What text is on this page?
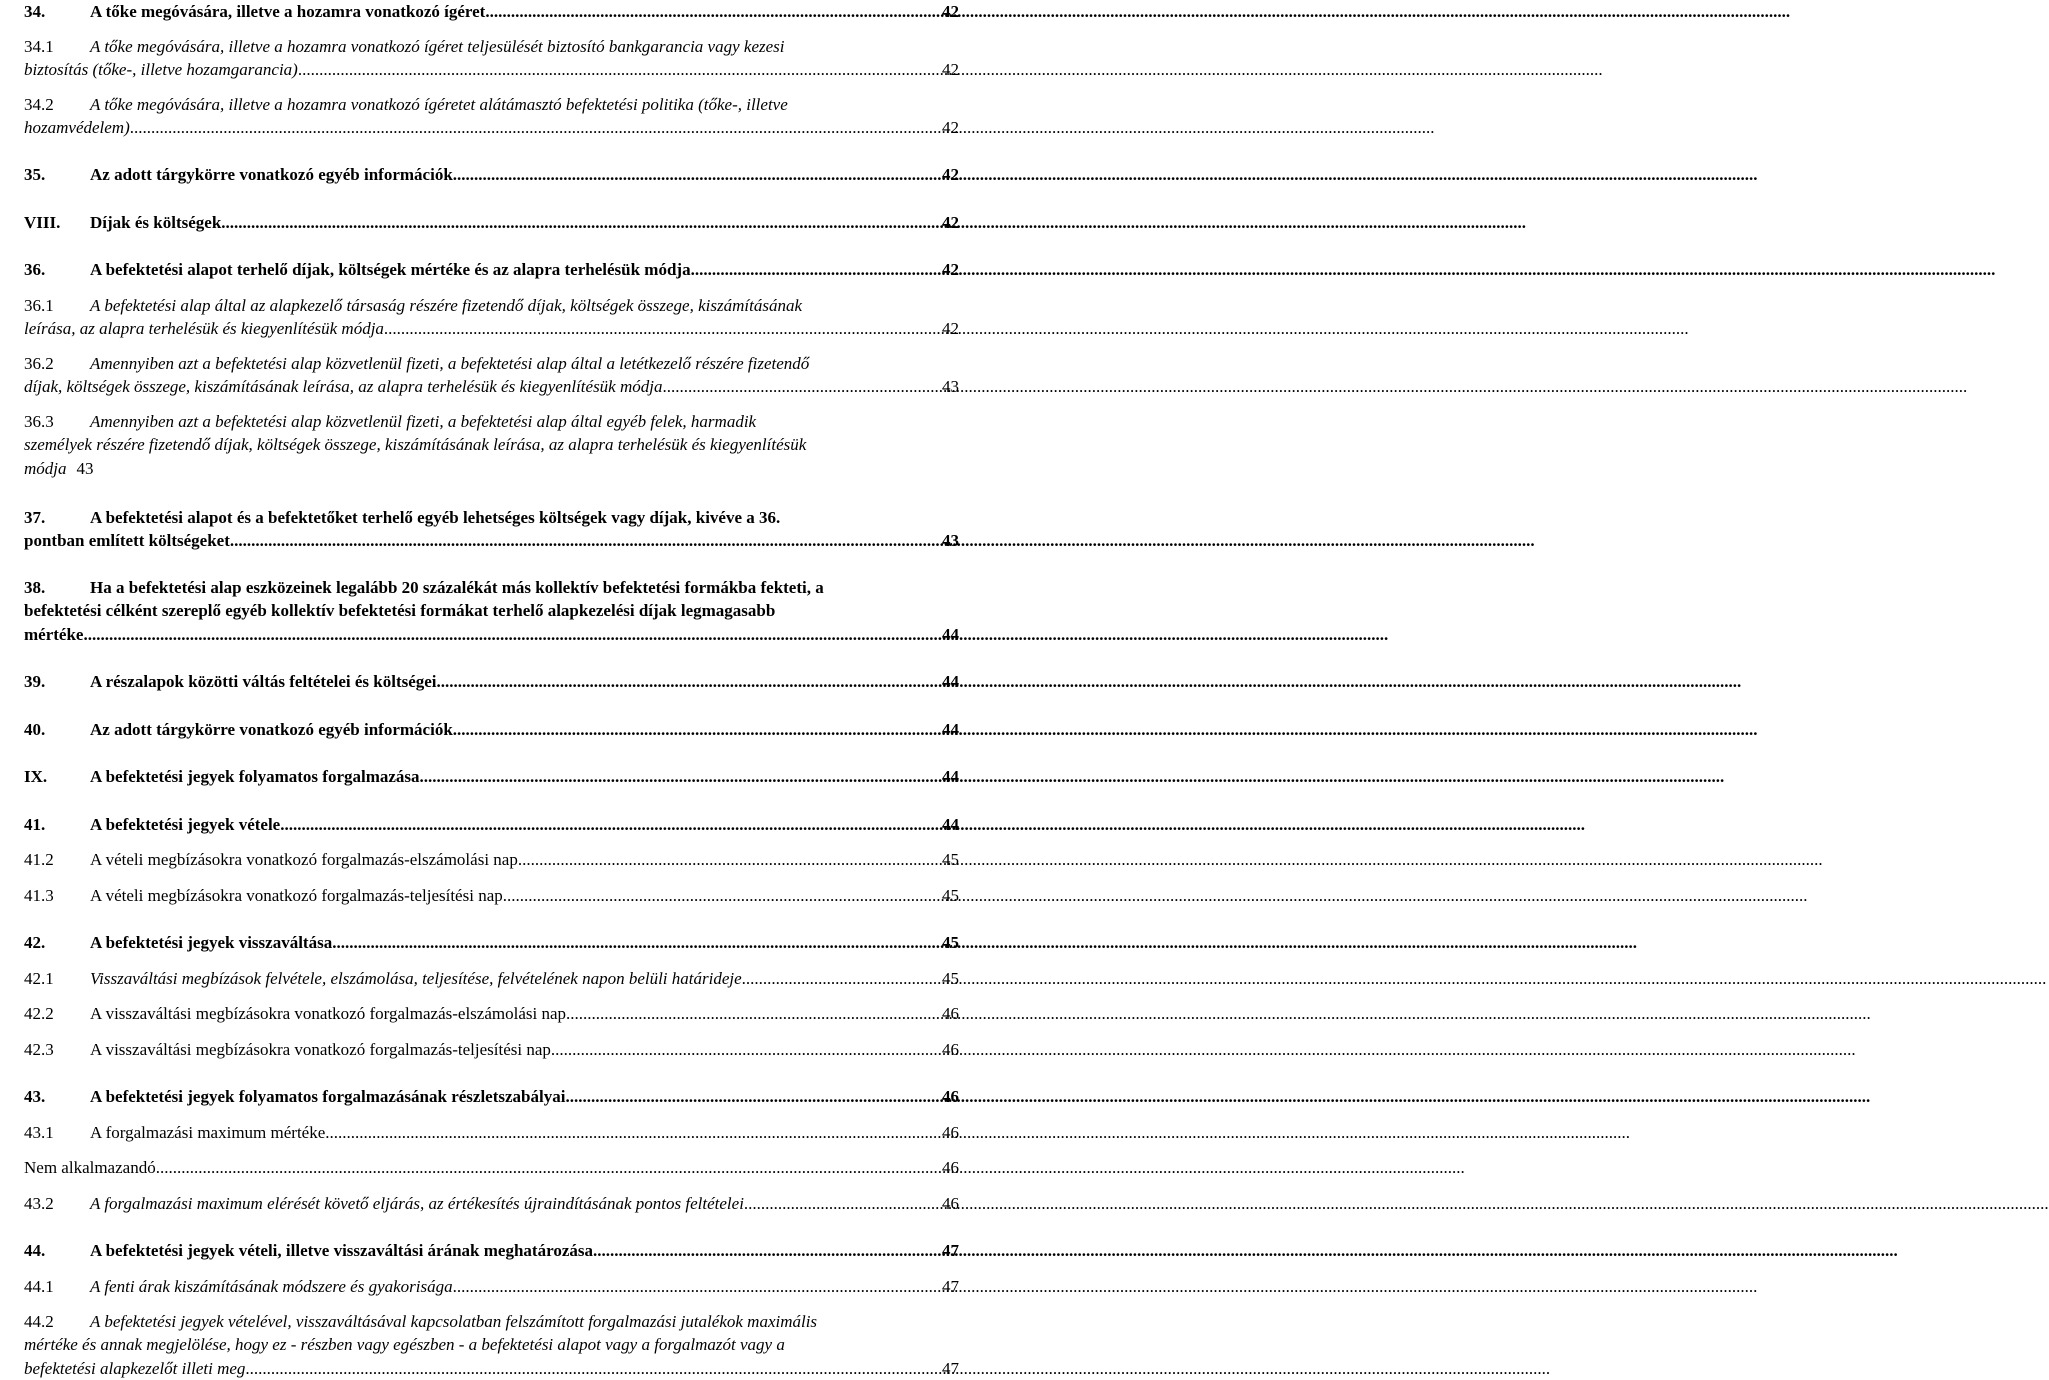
34.	A tőke megóvására, illetve a hozamra vonatkozó ígéret .....	42
34.1	A tőke megóvására, illetve a hozamra vonatkozó ígéret teljesülését biztosító bankgarancia vagy kezesi
biztosítás (tőke-, illetve hozamgarancia) .....	42
34.2	A tőke megóvására, illetve a hozamra vonatkozó ígéretet alátámasztó befektetési politika (tőke-, illetve
hozamvédelem) .....	42
35.	Az adott tárgykörre vonatkozó egyéb információk .....	42
VIII.	Díjak és költségek .....	42
36.	A befektetési alapot terhelő díjak, költségek mértéke és az alapra terhelésük módja .....	42
36.1	A befektetési alap által az alapkezelő társaság részére fizetendő díjak, költségek összege, kiszámításának
leírása, az alapra terhelésük és kiegyenlítésük módja .....	42
36.2	Amennyiben azt a befektetési alap közvetlenül fizeti, a befektetési alap által a letétkezelő részére fizetendő
díjak, költségek összege, kiszámításának leírása, az alapra terhelésük és kiegyenlítésük módja .....	43
36.3	Amennyiben azt a befektetési alap közvetlenül fizeti, a befektetési alap által egyéb felek, harmadik
személyek részére fizetendő díjak, költségek összege, kiszámításának leírása, az alapra terhelésük és kiegyenlítésük
módja 43
37.	A befektetési alapot és a befektetőket terhelő egyéb lehetséges költségek vagy díjak, kivéve a 36.
pontban említett költségeket .....	43
38.	Ha a befektetési alap eszközeinek legalább 20 százalékát más kollektív befektetési formákba fekteti, a
befektetési célként szereplő egyéb kollektív befektetési formákat terhelő alapkezelési díjak legmagasabb
mértéke .....	44
39.	A részalapok közötti váltás feltételei és költségei .....	44
40.	Az adott tárgykörre vonatkozó egyéb információk .....	44
IX.	A befektetési jegyek folyamatos forgalmazása .....	44
41.	A befektetési jegyek vétele .....	44
41.2	A vételi megbízásokra vonatkozó forgalmazás-elszámolási nap .....	45
41.3	A vételi megbízásokra vonatkozó forgalmazás-teljesítési nap .....	45
42.	A befektetési jegyek visszaváltása .....	45
42.1	Visszaváltási megbízások felvétele, elszámolása, teljesítése, felvételének napon belüli határideje .....	45
42.2	A visszaváltási megbízásokra vonatkozó forgalmazás-elszámolási nap .....	46
42.3	A visszaváltási megbízásokra vonatkozó forgalmazás-teljesítési nap .....	46
43.	A befektetési jegyek folyamatos forgalmazásának részletszabályai .....	46
43.1	A forgalmazási maximum mértéke .....	46
Nem alkalmazandó. .....	46
43.2	A forgalmazási maximum elérését követő eljárás, az értékesítés újraindításának pontos feltételei .....	46
44.	A befektetési jegyek vételi, illetve visszaváltási árának meghatározása .....	47
44.1	A fenti árak kiszámításának módszere és gyakorisága .....	47
44.2	A befektetési jegyek vételével, visszaváltásával kapcsolatban felszámított forgalmazási jutalékok maximális
mértéke és annak megjelölése, hogy ez - részben vagy egészben - a befektetési alapot vagy a forgalmazót vagy a
befektetési alapkezelőt illeti meg .....	47
